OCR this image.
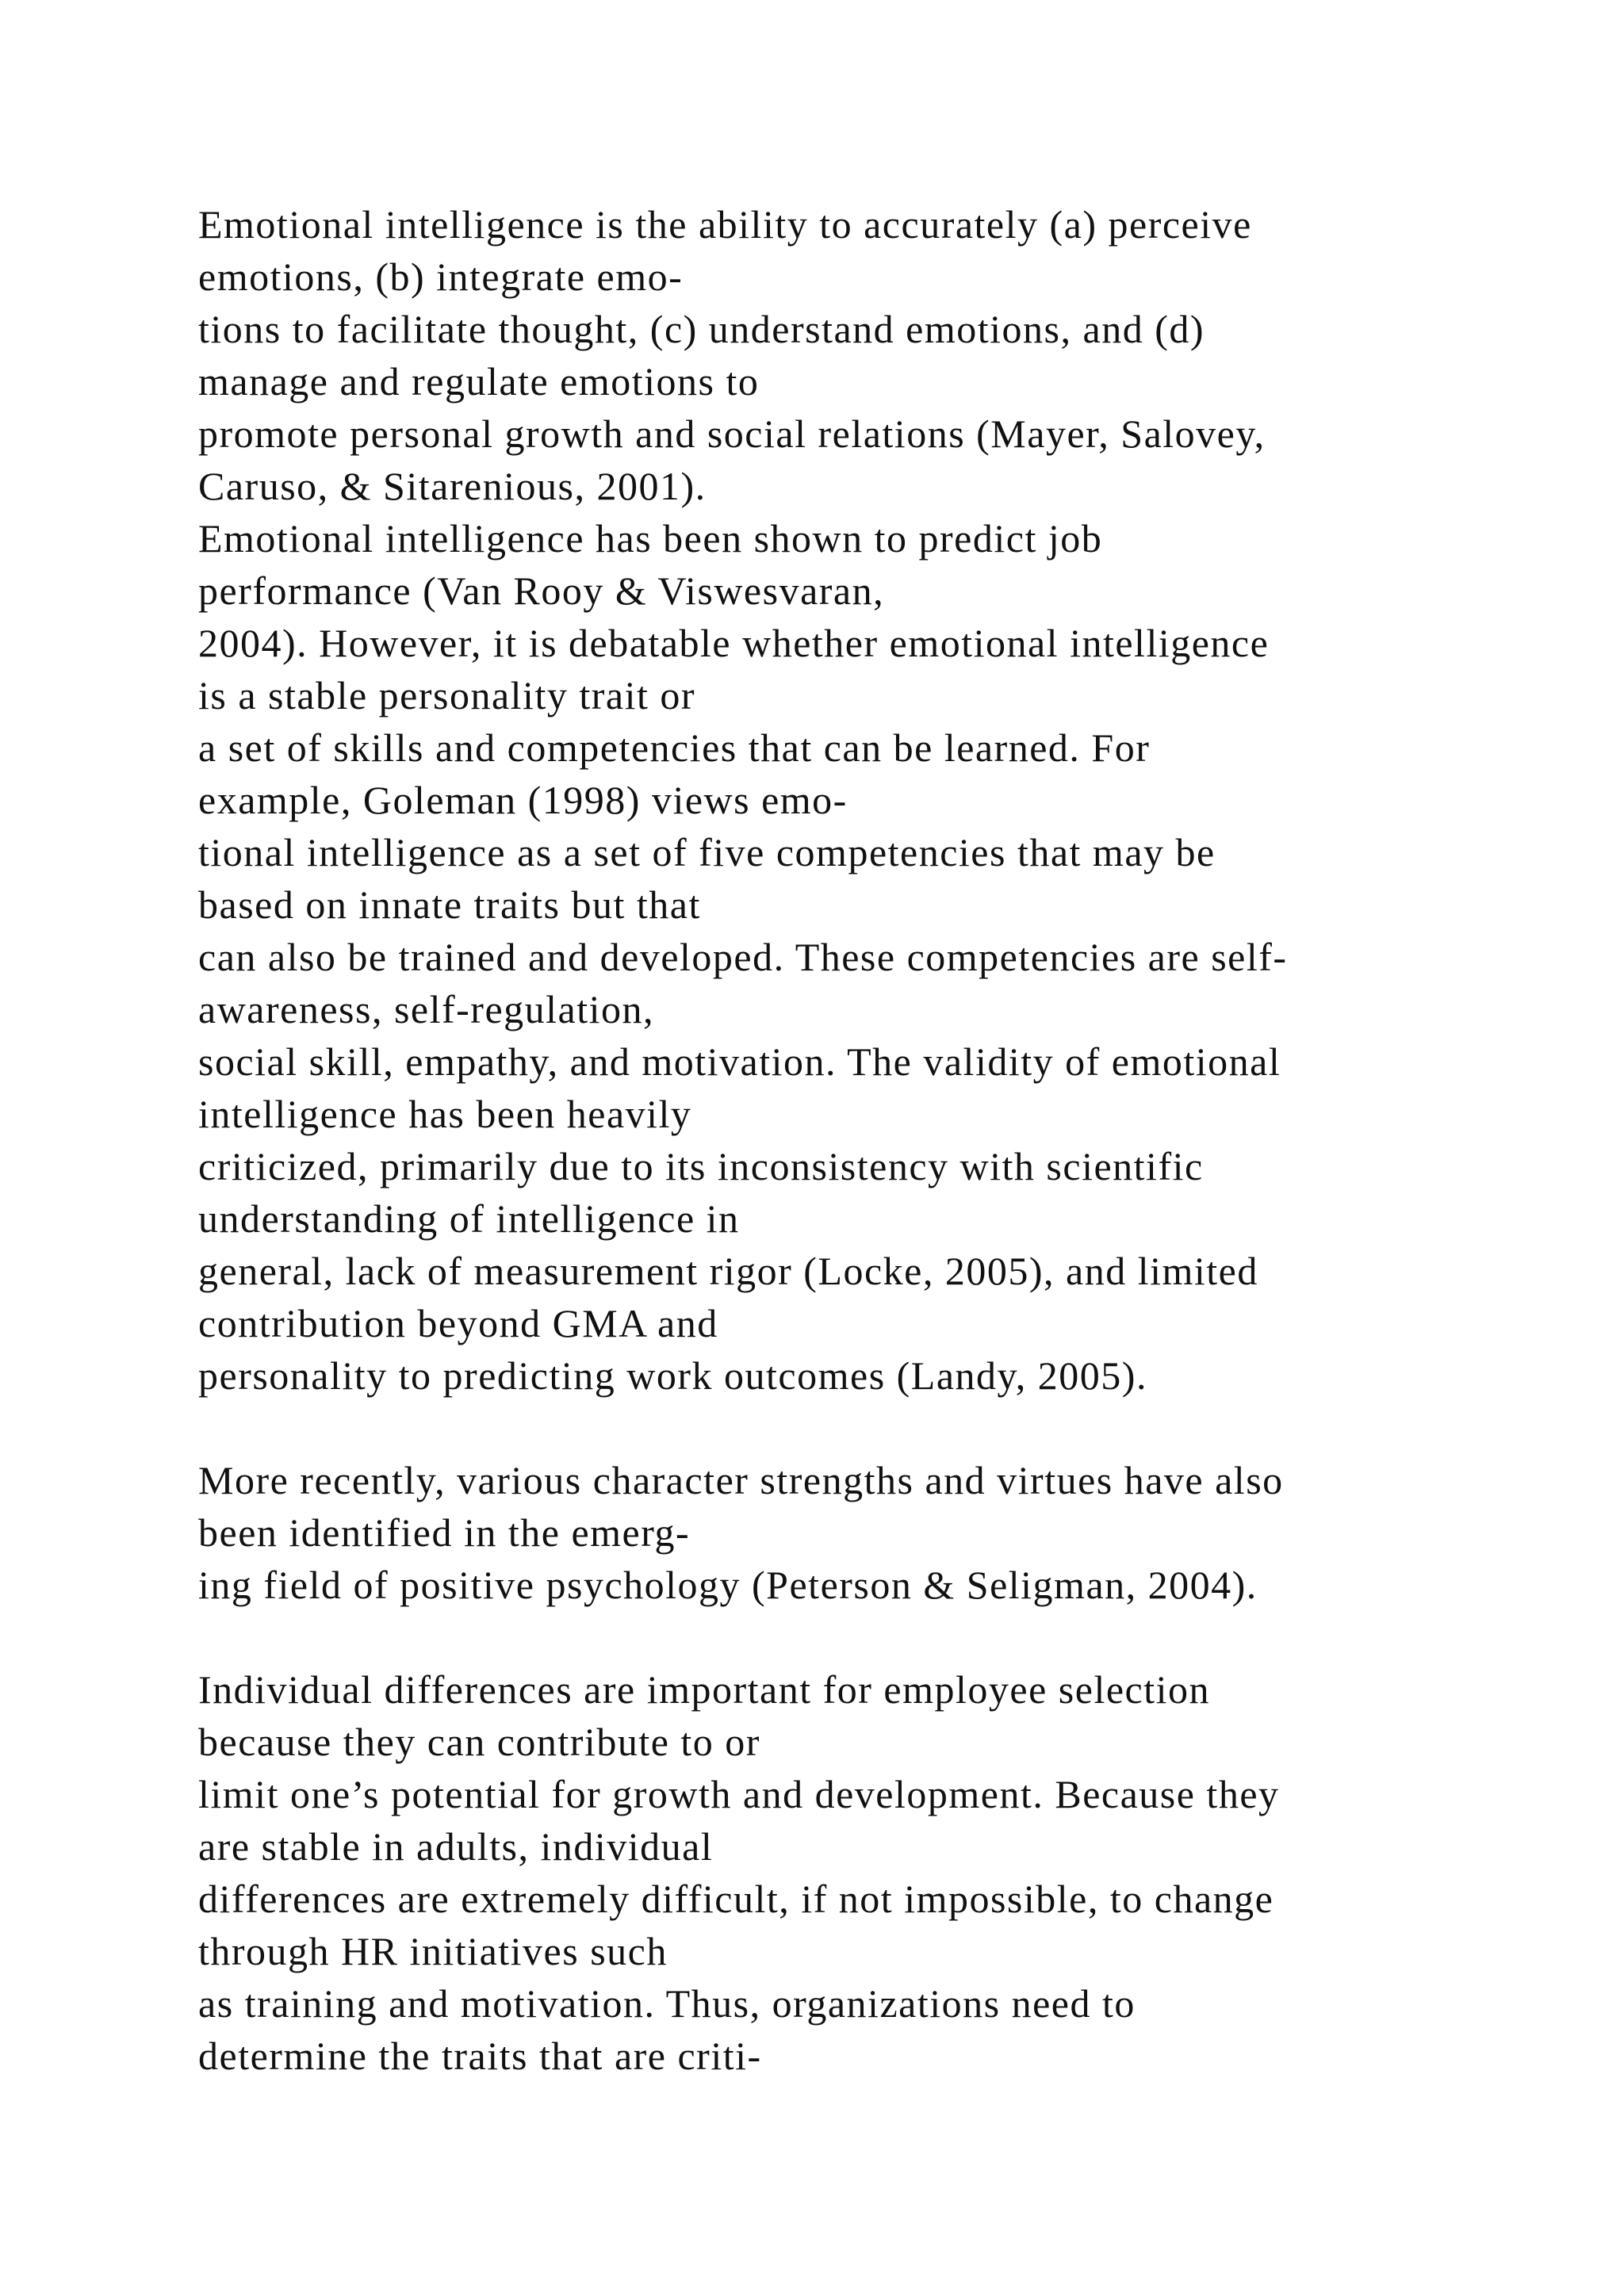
Emotional intelligence is the ability to accurately (a) perceive
emotions, (b) integrate emo-
tions to facilitate thought, (c) understand emotions, and (d)
manage and regulate emotions to
promote personal growth and social relations (Mayer, Salovey,
Caruso, & Sitarenious, 2001).
Emotional intelligence has been shown to predict job
performance (Van Rooy & Viswesvaran,
2004). However, it is debatable whether emotional intelligence
is a stable personality trait or
a set of skills and competencies that can be learned. For
example, Goleman (1998) views emo-
tional intelligence as a set of five competencies that may be
based on innate traits but that
can also be trained and developed. These competencies are self-
awareness, self-regulation,
social skill, empathy, and motivation. The validity of emotional
intelligence has been heavily
criticized, primarily due to its inconsistency with scientific
understanding of intelligence in
general, lack of measurement rigor (Locke, 2005), and limited
contribution beyond GMA and
personality to predicting work outcomes (Landy, 2005).
More recently, various character strengths and virtues have also
been identified in the emerg-
ing field of positive psychology (Peterson & Seligman, 2004).
Individual differences are important for employee selection
because they can contribute to or
limit one’s potential for growth and development. Because they
are stable in adults, individual
differences are extremely difficult, if not impossible, to change
through HR initiatives such
as training and motivation. Thus, organizations need to
determine the traits that are criti-
